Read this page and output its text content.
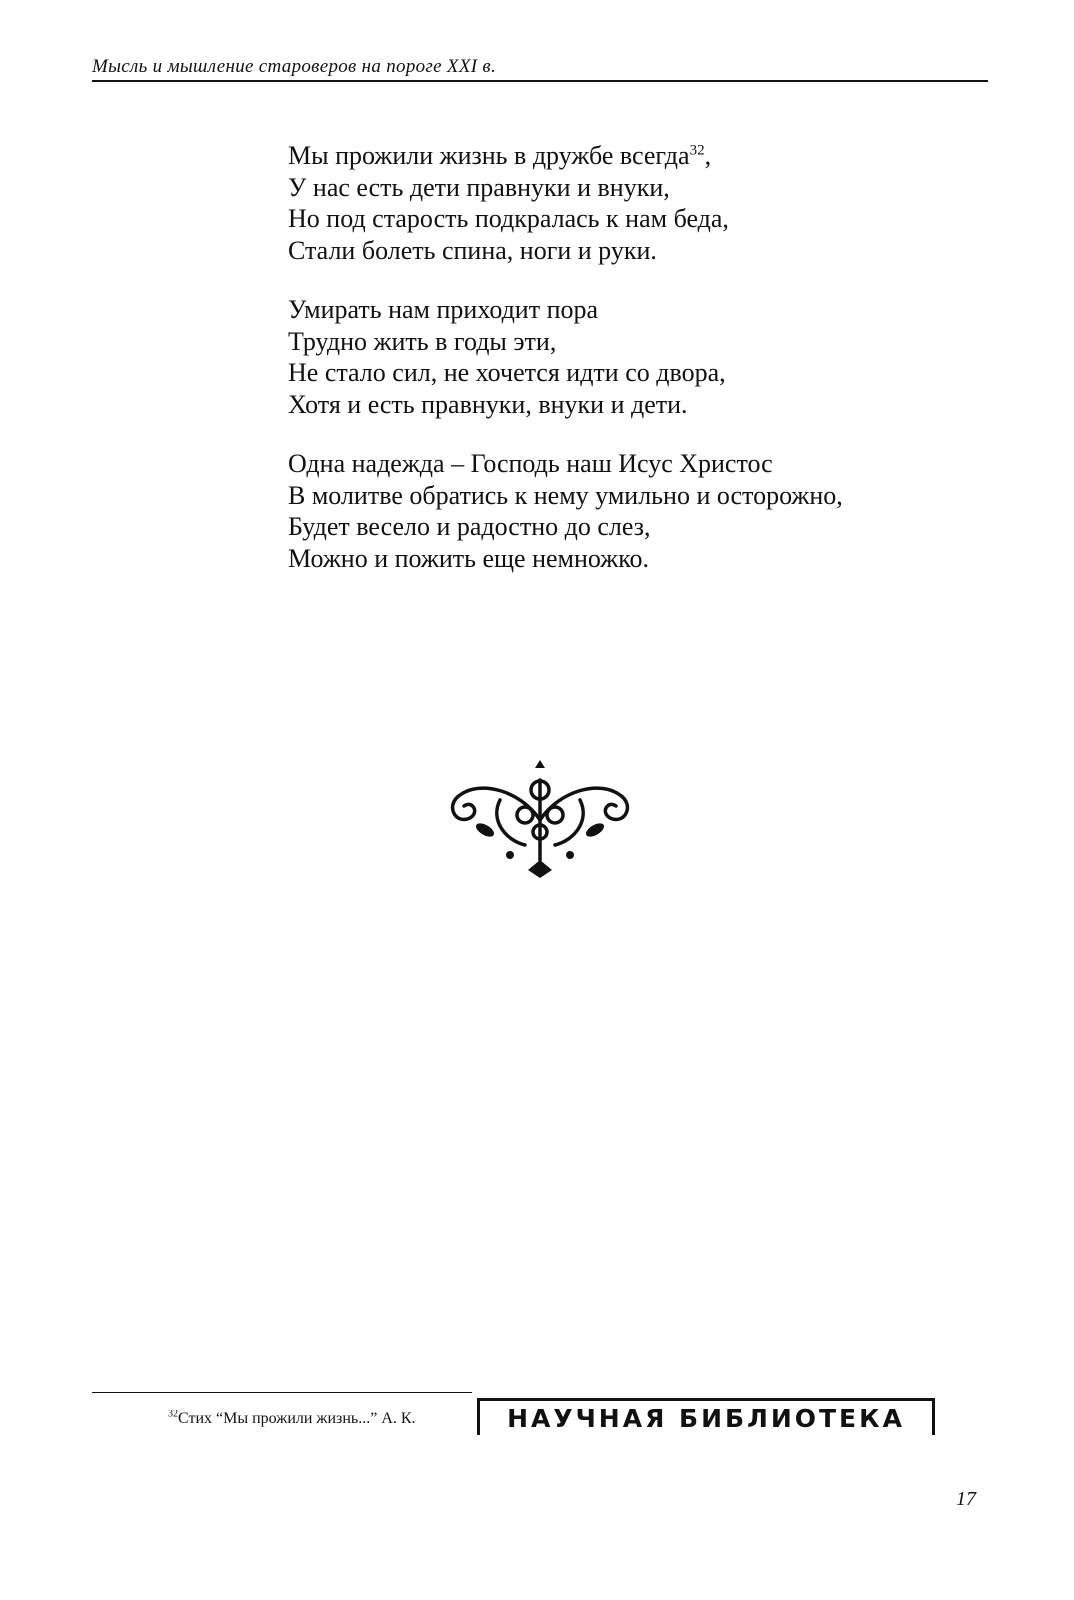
Мысль и мышление староверов на пороге XXI в.
Мы прожили жизнь в дружбе всегда$^{32}$,
У нас есть дети правнуки и внуки,
Но под старость подкралась к нам беда,
Стали болеть спина, ноги и руки.
Умирать нам приходит пора
Трудно жить в годы эти,
Не стало сил, не хочется идти со двора,
Хотя и есть правнуки, внуки и дети.
Одна надежда – Господь наш Исус Христос
В молитве обратись к нему умильно и осторожно,
Будет весело и радостно до слез,
Можно и пожить еще немножко.
$^{32}$Стих “Мы прожили жизнь...” А. К.	НАУЧНАЯ БИБЛИОТЕКА
17
